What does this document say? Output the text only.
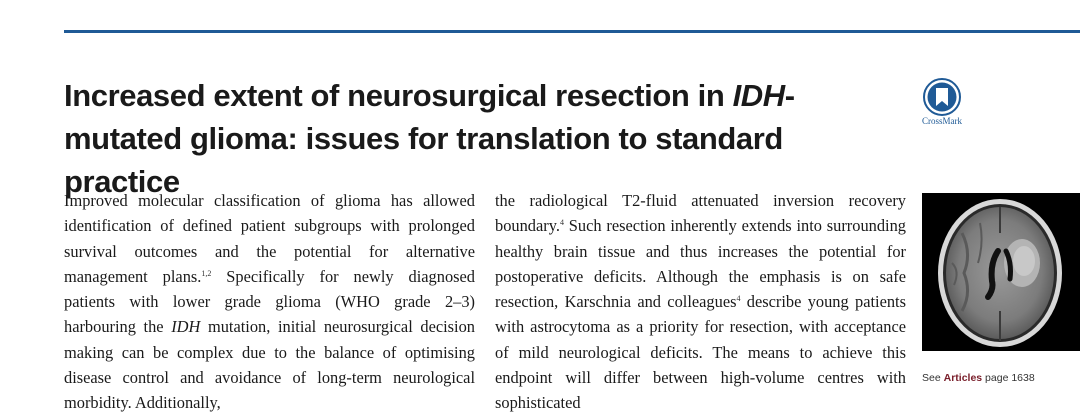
Increased extent of neurosurgical resection in IDH-mutated glioma: issues for translation to standard practice
CrossMark

Improved molecular classification of glioma has allowed identification of defined patient subgroups with prolonged survival outcomes and the potential for alternative management plans.$^{1,2}$ Specifically for newly diagnosed patients with lower grade glioma (WHO grade 2–3) harbouring the IDH mutation, initial neurosurgical decision making can be complex due to the balance of optimising disease control and avoidance of long-term neurological morbidity. Additionally,

the radiological T2-fluid attenuated inversion recovery boundary.$^4$ Such resection inherently extends into surrounding healthy brain tissue and thus increases the potential for postoperative deficits. Although the emphasis is on safe resection, Karschnia and colleagues$^4$ describe young patients with astrocytoma as a priority for resection, with acceptance of mild neurological deficits. The means to achieve this endpoint will differ between high-volume centres with sophisticated

See Articles page 1638
